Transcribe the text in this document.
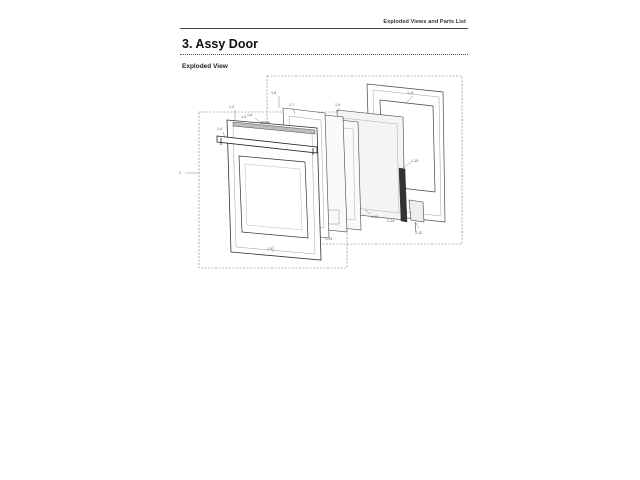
Exploded Views and Parts List
3. Assy Door
Exploded View
1
1-2
1-6
1-8
1-7	1-9
1-11
1-15
1-12
1-5
1-4
1-10
1-13
1-14
1-3
